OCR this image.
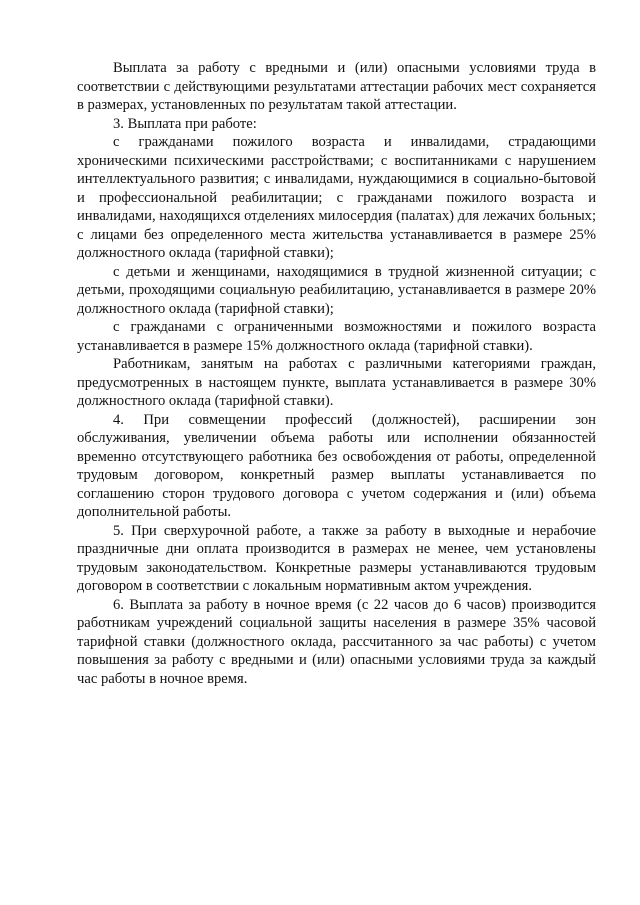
Выплата за работу с вредными и (или) опасными условиями труда в соответствии с действующими результатами аттестации рабочих мест сохраняется в размерах, установленных по результатам такой аттестации.

3. Выплата при работе:

с гражданами пожилого возраста и инвалидами, страдающими хроническими психическими расстройствами; с воспитанниками с нарушением интеллектуального развития; с инвалидами, нуждающимися в социально-бытовой и профессиональной реабилитации; с гражданами пожилого возраста и инвалидами, находящихся отделениях милосердия (палатах) для лежачих больных; с лицами без определенного места жительства устанавливается в размере 25% должностного оклада (тарифной ставки);

с детьми и женщинами, находящимися в трудной жизненной ситуации; с детьми, проходящими социальную реабилитацию, устанавливается в размере 20% должностного оклада (тарифной ставки);

с гражданами с ограниченными возможностями и пожилого возраста устанавливается в размере 15% должностного оклада (тарифной ставки).

Работникам, занятым на работах с различными категориями граждан, предусмотренных в настоящем пункте, выплата устанавливается в размере 30% должностного оклада (тарифной ставки).

4. При совмещении профессий (должностей), расширении зон обслуживания, увеличении объема работы или исполнении обязанностей временно отсутствующего работника без освобождения от работы, определенной трудовым договором, конкретный размер выплаты устанавливается по соглашению сторон трудового договора с учетом содержания и (или) объема дополнительной работы.

5. При сверхурочной работе, а также за работу в выходные и нерабочие праздничные дни оплата производится в размерах не менее, чем установлены трудовым законодательством. Конкретные размеры устанавливаются трудовым договором в соответствии с локальным нормативным актом учреждения.

6. Выплата за работу в ночное время (с 22 часов до 6 часов) производится работникам учреждений социальной защиты населения в размере 35% часовой тарифной ставки (должностного оклада, рассчитанного за час работы) с учетом повышения за работу с вредными и (или) опасными условиями труда за каждый час работы в ночное время.
